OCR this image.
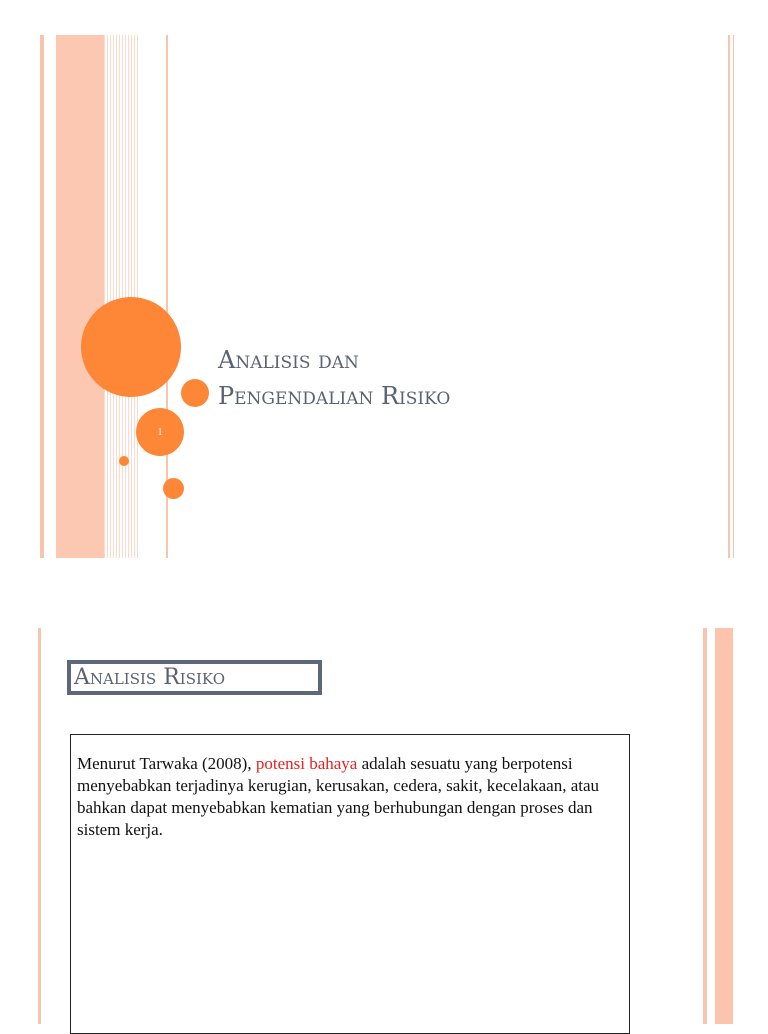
1
Analisis dan
Pengendalian Risiko
Analisis Risiko
Menurut Tarwaka (2008), potensi bahaya adalah sesuatu yang berpotensi menyebabkan terjadinya kerugian, kerusakan, cedera, sakit, kecelakaan, atau bahkan dapat menyebabkan kematian yang berhubungan dengan proses dan sistem kerja.
